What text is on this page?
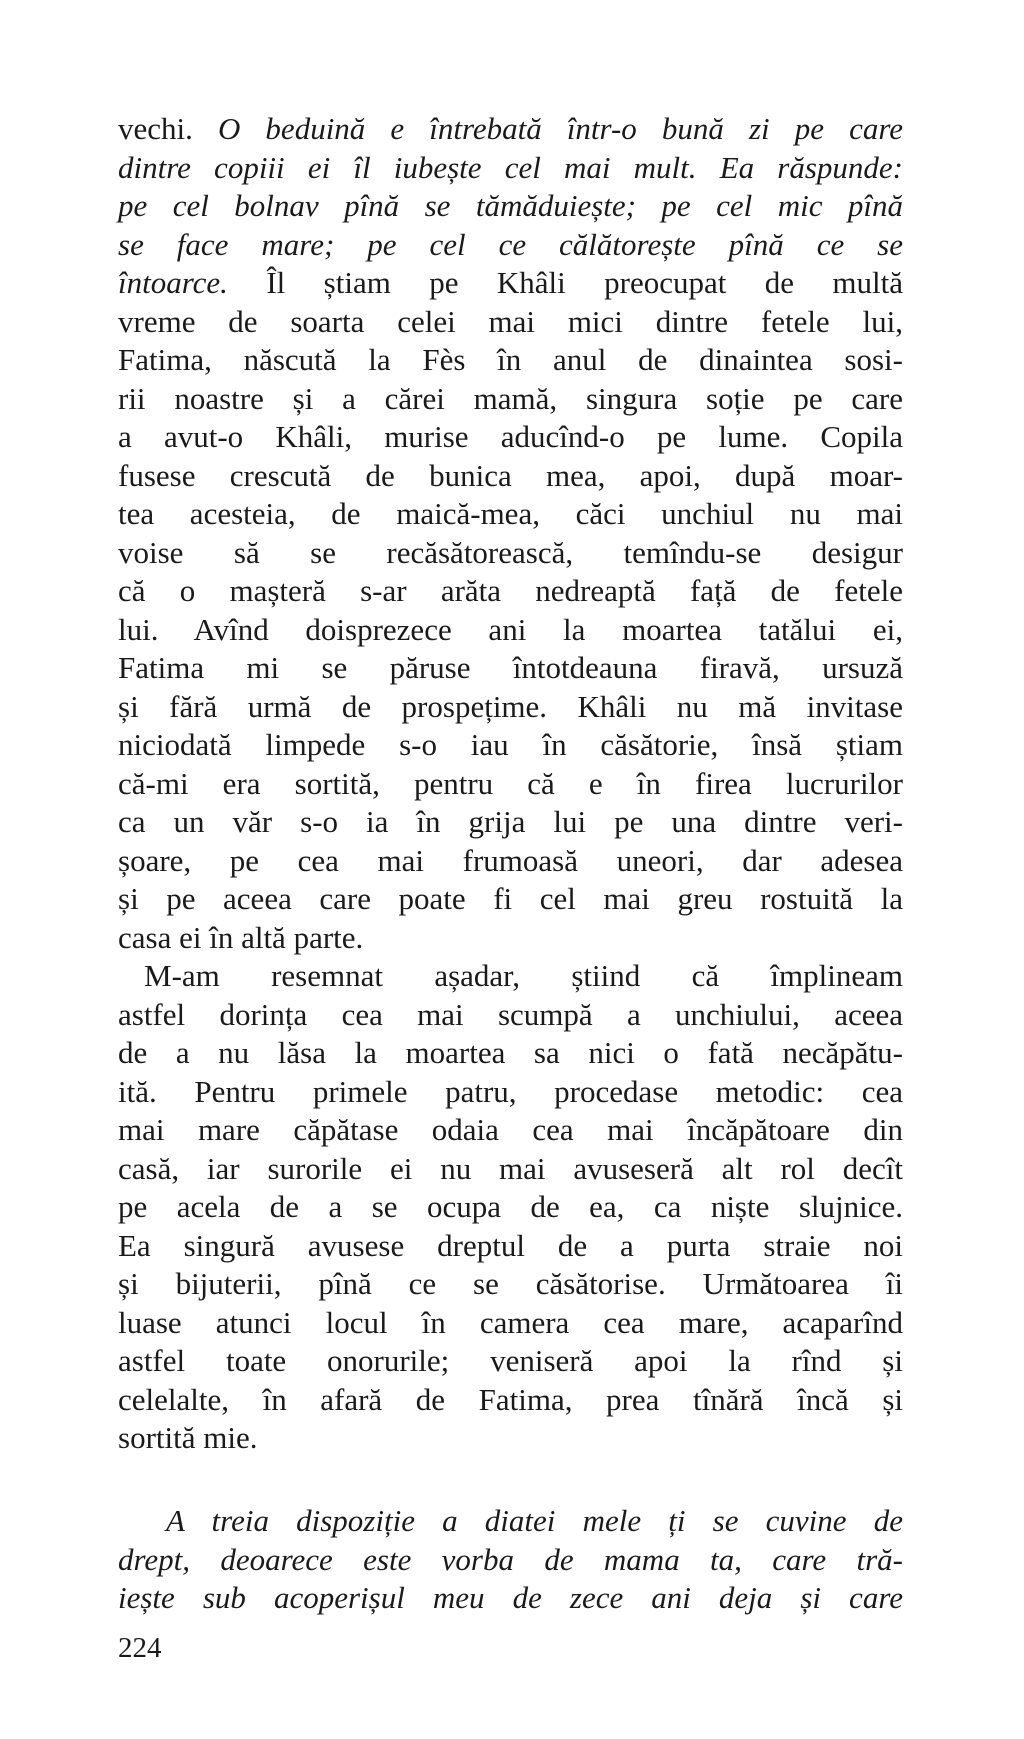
vechi. O beduină e întrebată într-o bună zi pe care
dintre copiii ei îl iubește cel mai mult. Ea răspunde:
pe cel bolnav pînă se tămăduiește; pe cel mic pînă
se face mare; pe cel ce călătorește pînă ce se
întoarce. Îl știam pe Khâli preocupat de multă
vreme de soarta celei mai mici dintre fetele lui,
Fatima, născută la Fès în anul de dinaintea sosi-
rii noastre și a cărei mamă, singura soție pe care
a avut-o Khâli, murise aducînd-o pe lume. Copila
fusese crescută de bunica mea, apoi, după moar-
tea acesteia, de maică-mea, căci unchiul nu mai
voise să se recăsătorească, temîndu-se desigur
că o mașteră s-ar arăta nedreaptă față de fetele
lui. Avînd doisprezece ani la moartea tatălui ei,
Fatima mi se păruse întotdeauna firavă, ursuză
și fără urmă de prospețime. Khâli nu mă invitase
niciodată limpede s-o iau în căsătorie, însă știam
că-mi era sortită, pentru că e în firea lucrurilor
ca un văr s-o ia în grija lui pe una dintre veri-
șoare, pe cea mai frumoasă uneori, dar adesea
și pe aceea care poate fi cel mai greu rostuită la
casa ei în altă parte.
M-am resemnat așadar, știind că împlineam
astfel dorința cea mai scumpă a unchiului, aceea
de a nu lăsa la moartea sa nici o fată necăpătu-
ită. Pentru primele patru, procedase metodic: cea
mai mare căpătase odaia cea mai încăpătoare din
casă, iar surorile ei nu mai avuseseră alt rol decît
pe acela de a se ocupa de ea, ca niște slujnice.
Ea singură avusese dreptul de a purta straie noi
și bijuterii, pînă ce se căsătorise. Următoarea îi
luase atunci locul în camera cea mare, acaparînd
astfel toate onorurile; veniseră apoi la rînd și
celelalte, în afară de Fatima, prea tînără încă și
sortită mie.
A treia dispoziție a diatei mele ți se cuvine de
drept, deoarece este vorba de mama ta, care tră-
iește sub acoperișul meu de zece ani deja și care
224
